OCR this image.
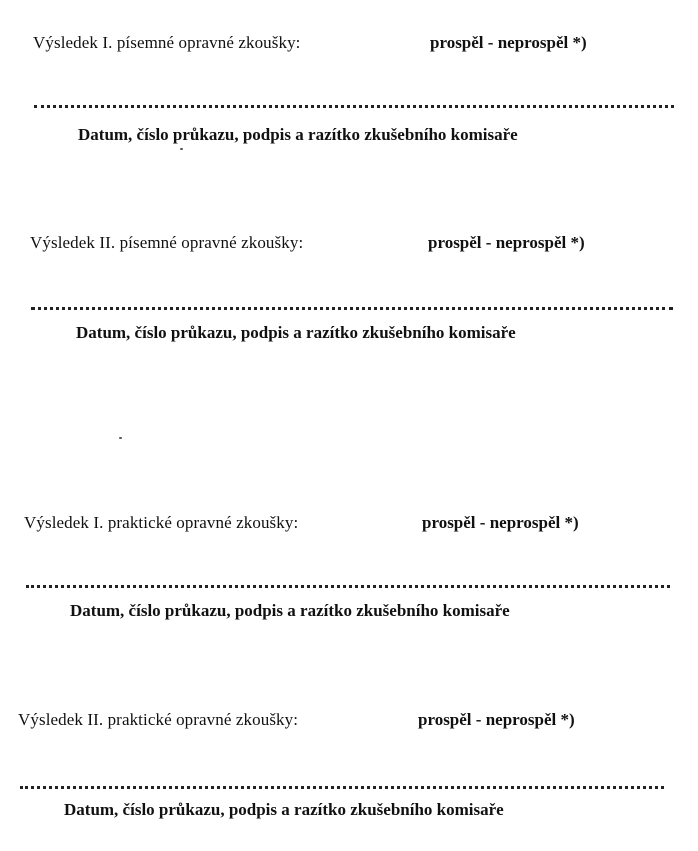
Výsledek I. písemné opravné zkoušky:	prospěl - neprospěl *)
Datum, číslo průkazu, podpis a razítko zkušebního komisaře
Výsledek II. písemné opravné zkoušky:	prospěl - neprospěl *)
Datum, číslo průkazu, podpis a razítko zkušebního komisaře
Výsledek I. praktické opravné zkoušky:	prospěl - neprospěl *)
Datum, číslo průkazu, podpis a razítko zkušebního komisaře
Výsledek II. praktické opravné zkoušky:	prospěl - neprospěl *)
Datum, číslo průkazu, podpis a razítko zkušebního komisaře
